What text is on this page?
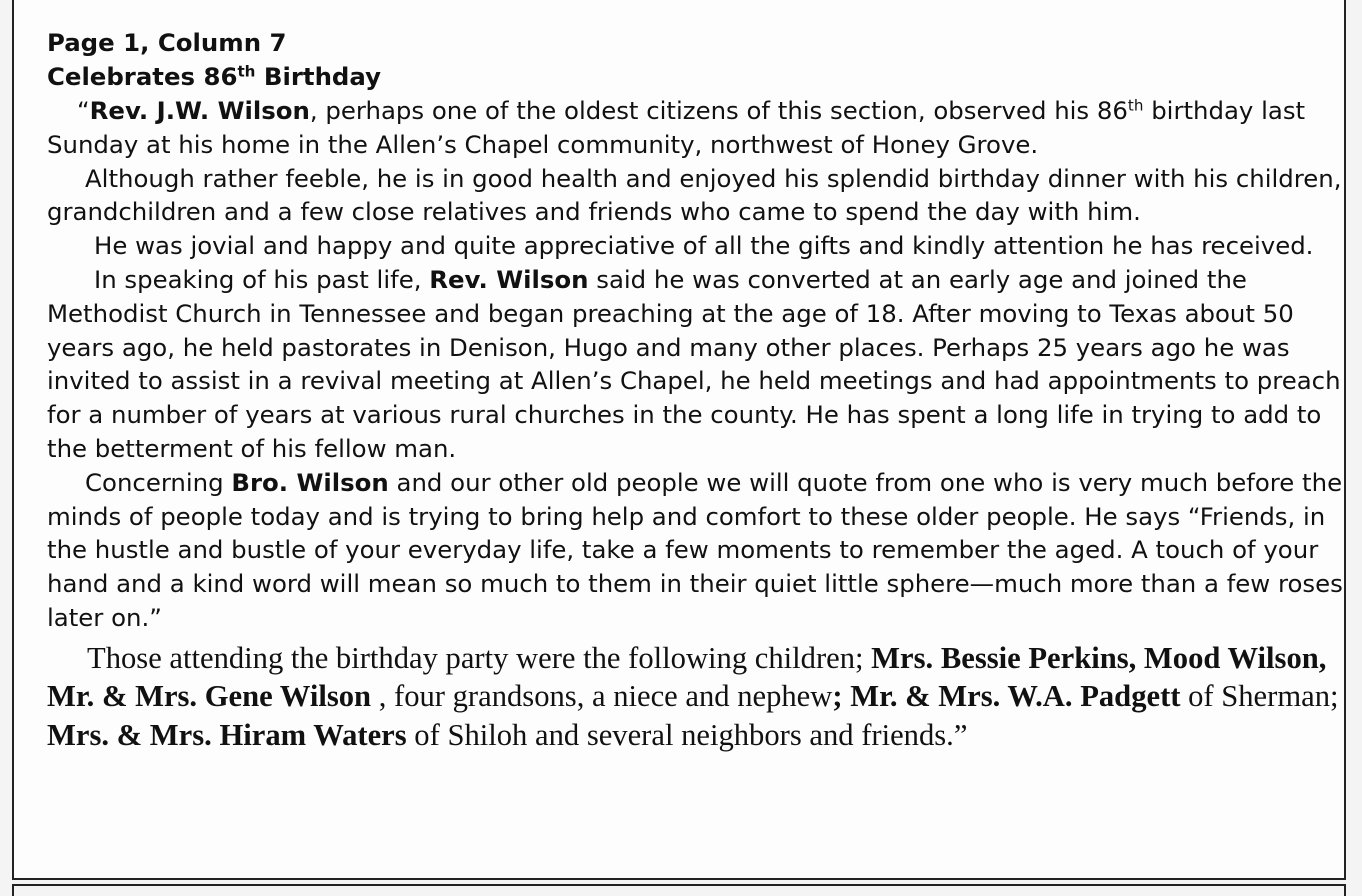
Page 1, Column 7
Celebrates 86th Birthday

“Rev. J.W. Wilson, perhaps one of the oldest citizens of this section, observed his 86th birthday last Sunday at his home in the Allen’s Chapel community, northwest of Honey Grove.

Although rather feeble, he is in good health and enjoyed his splendid birthday dinner with his children, grandchildren and a few close relatives and friends who came to spend the day with him.

He was jovial and happy and quite appreciative of all the gifts and kindly attention he has received.

In speaking of his past life, Rev. Wilson said he was converted at an early age and joined the Methodist Church in Tennessee and began preaching at the age of 18. After moving to Texas about 50 years ago, he held pastorates in Denison, Hugo and many other places. Perhaps 25 years ago he was invited to assist in a revival meeting at Allen’s Chapel, he held meetings and had appointments to preach for a number of years at various rural churches in the county. He has spent a long life in trying to add to the betterment of his fellow man.

Concerning Bro. Wilson and our other old people we will quote from one who is very much before the minds of people today and is trying to bring help and comfort to these older people. He says “Friends, in the hustle and bustle of your everyday life, take a few moments to remember the aged. A touch of your hand and a kind word will mean so much to them in their quiet little sphere—much more than a few roses later on.”

Those attending the birthday party were the following children; Mrs. Bessie Perkins, Mood Wilson, Mr. & Mrs. Gene Wilson , four grandsons, a niece and nephew; Mr. & Mrs. W.A. Padgett of Sherman; Mrs. & Mrs. Hiram Waters of Shiloh and several neighbors and friends.”
